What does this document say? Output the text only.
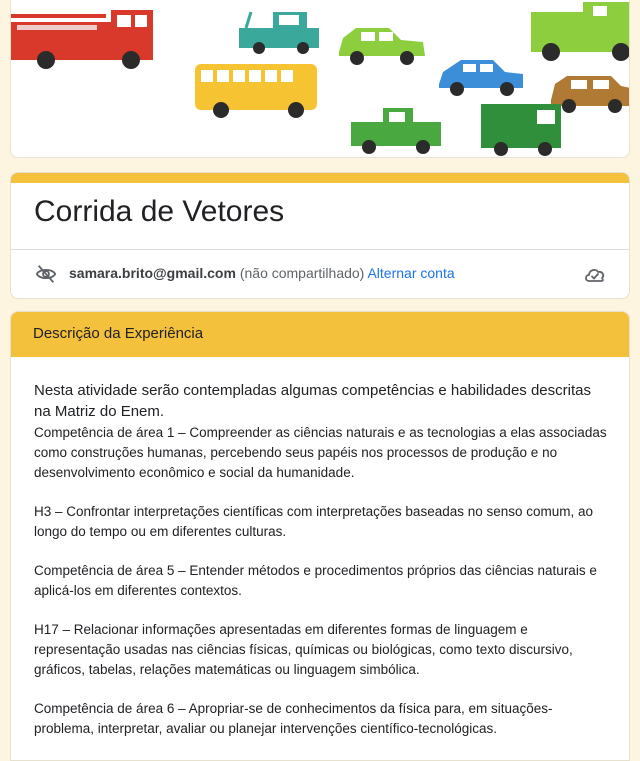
Corrida de Vetores
samara.brito@gmail.com (não compartilhado) Alternar conta
Descrição da Experiência

Nesta atividade serão contempladas algumas competências e habilidades descritas na Matriz do Enem.

Competência de área 1 – Compreender as ciências naturais e as tecnologias a elas associadas como construções humanas, percebendo seus papéis nos processos de produção e no desenvolvimento econômico e social da humanidade.

H3 – Confrontar interpretações científicas com interpretações baseadas no senso comum, ao longo do tempo ou em diferentes culturas.

Competência de área 5 – Entender métodos e procedimentos próprios das ciências naturais e aplicá-los em diferentes contextos.

H17 – Relacionar informações apresentadas em diferentes formas de linguagem e representação usadas nas ciências físicas, químicas ou biológicas, como texto discursivo, gráficos, tabelas, relações matemáticas ou linguagem simbólica.

Competência de área 6 – Apropriar-se de conhecimentos da física para, em situações-problema, interpretar, avaliar ou planejar intervenções científico-tecnológicas.
